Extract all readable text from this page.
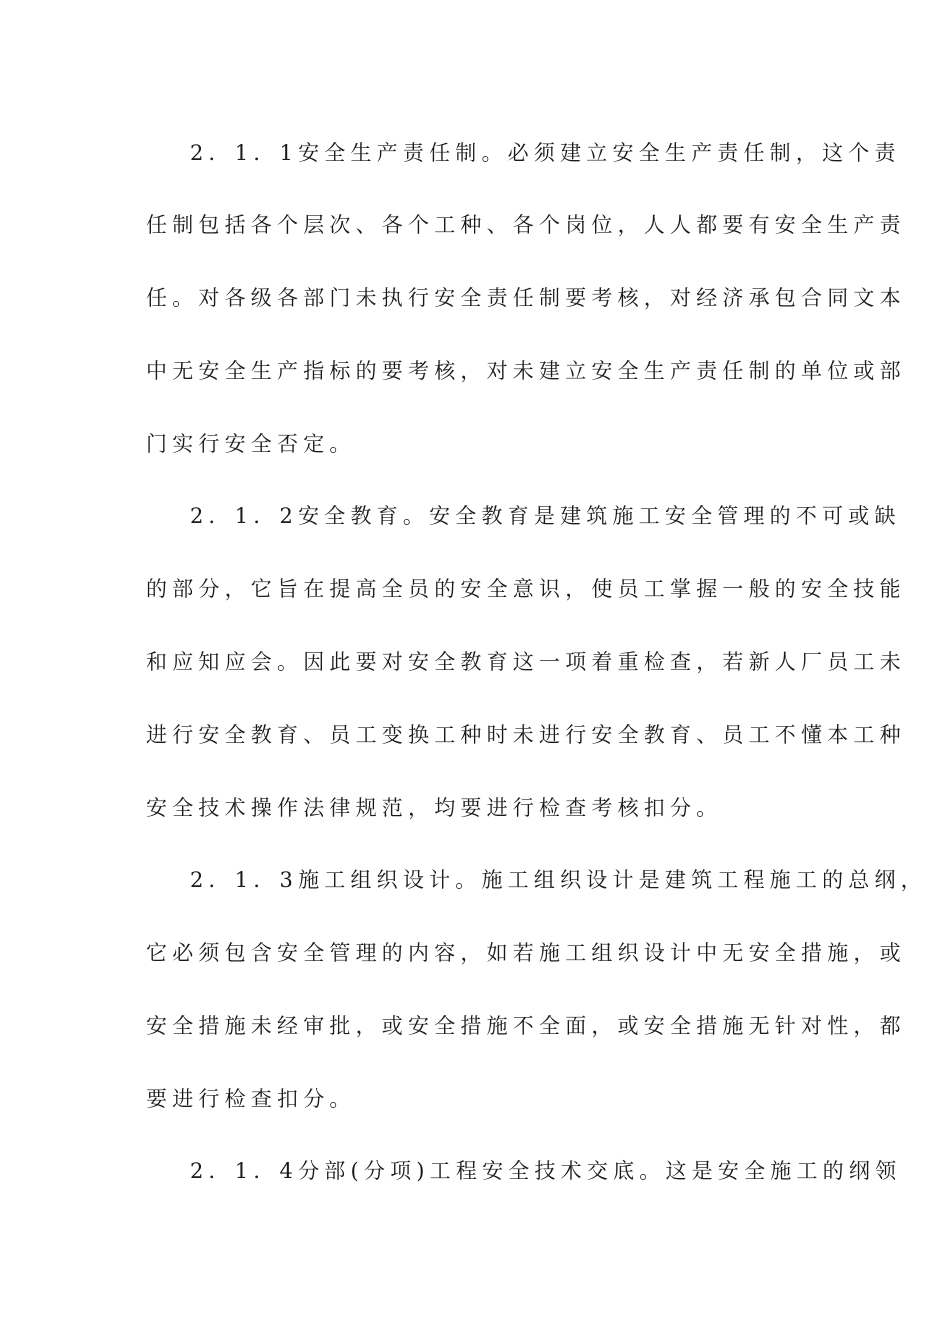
2．1．1安全生产责任制。必须建立安全生产责任制，这个责
任制包括各个层次、各个工种、各个岗位，人人都要有安全生产责
任。对各级各部门未执行安全责任制要考核，对经济承包合同文本
中无安全生产指标的要考核，对未建立安全生产责任制的单位或部
门实行安全否定。
2．1．2安全教育。安全教育是建筑施工安全管理的不可或缺
的部分，它旨在提高全员的安全意识，使员工掌握一般的安全技能
和应知应会。因此要对安全教育这一项着重检查，若新人厂员工未
进行安全教育、员工变换工种时未进行安全教育、员工不懂本工种
安全技术操作法律规范，均要进行检查考核扣分。
2．1．3施工组织设计。施工组织设计是建筑工程施工的总纲，
它必须包含安全管理的内容，如若施工组织设计中无安全措施，或
安全措施未经审批，或安全措施不全面，或安全措施无针对性，都
要进行检查扣分。
2．1．4分部(分项)工程安全技术交底。这是安全施工的纲领
